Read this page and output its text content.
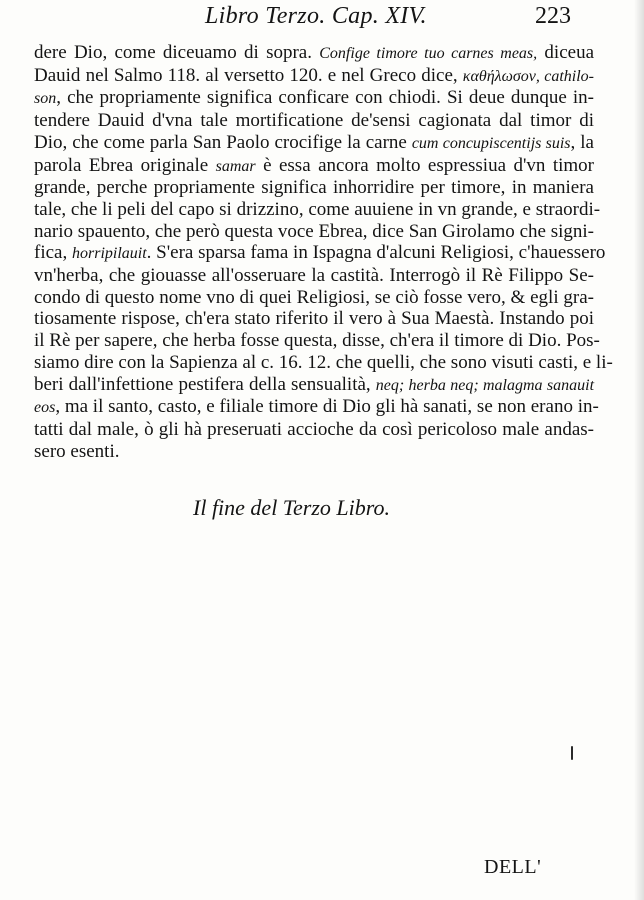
Libro Terzo. Cap. XIV.	223
dere Dio, come diceuamo di sopra. Confige timore tuo carnes meas, diceua
Dauid nel Salmo 118. al versetto 120. e nel Greco dice, καθήλωσον, cathilo-
son, che propriamente significa conficare con chiodi. Si deue dunque in-
tendere Dauid d'vna tale mortificatione de'sensi cagionata dal timor di
Dio, che come parla San Paolo crocifige la carne cum concupiscentijs suis, la
parola Ebrea originale samar è essa ancora molto espressiua d'vn timor
grande, perche propriamente significa inhorridire per timore, in maniera
tale, che li peli del capo si drizzino, come auuiene in vn grande, e straordi-
nario spauento, che però questa voce Ebrea, dice San Girolamo che signi-
fica, horripilauit. S'era sparsa fama in Ispagna d'alcuni Religiosi, c'hauessero
vn'herba, che giouasse all'osseruare la castità. Interrogò il Rè Filippo Se-
condo di questo nome vno di quei Religiosi, se ciò fosse vero, & egli gra-
tiosamente rispose, ch'era stato riferito il vero à Sua Maestà. Instando poi
il Rè per sapere, che herba fosse questa, disse, ch'era il timore di Dio. Pos-
siamo dire con la Sapienza al c. 16. 12. che quelli, che sono visuti casti, e li-
beri dall'infettione pestifera della sensualità, neq; herba neq; malagma sanauit
eos, ma il santo, casto, e filiale timore di Dio gli hà sanati, se non erano in-
tatti dal male, ò gli hà preseruati accioche da così pericoloso male andas-
sero esenti.
Il fine del Terzo Libro.
DELL'
